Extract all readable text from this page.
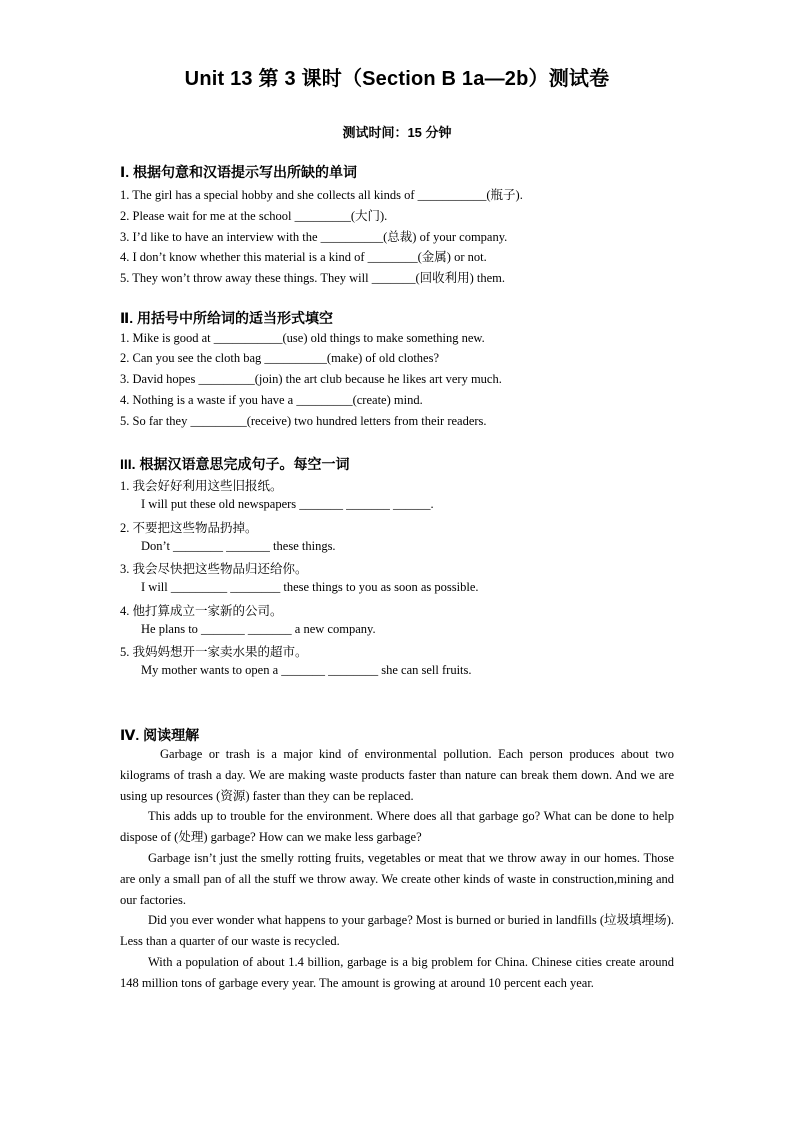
Unit 13 第 3 课时（Section B 1a—2b）测试卷
测试时间：15 分钟
Ⅰ. 根据句意和汉语提示写出所缺的单词
1. The girl has a special hobby and she collects all kinds of ___________(瓶子).
2. Please wait for me at the school _________(大门).
3. I’d like to have an interview with the __________(总裁) of your company.
4. I don’t know whether this material is a kind of ________(金属) or not.
5. They won’t throw away these things. They will _______(回收利用) them.
Ⅱ. 用括号中所给词的适当形式填空
1. Mike is good at ___________(use) old things to make something new.
2. Can you see the cloth bag __________(make) of old clothes?
3. David hopes _________(join) the art club because he likes art very much.
4. Nothing is a waste if you have a _________(create) mind.
5. So far they _________(receive) two hundred letters from their readers.
III. 根据汉语意思完成句子。每空一词
1. 我会好好利用这些旧报纸。
I will put these old newspapers _______ _______ ______.
2. 不要把这些物品扔掉。
Don’t ________ _______ these things.
3. 我会尽快把这些物品归还给你。
I will _________ ________ these things to you as soon as possible.
4. 他打算成立一家新的公司。
He plans to _______ _______ a new company.
5. 我妈妈想开一家卖水果的超市。
My mother wants to open a _______ ________ she can sell fruits.
Ⅳ. 阅读理解
Garbage or trash is a major kind of environmental pollution. Each person produces about two kilograms of trash a day. We are making waste products faster than nature can break them down. And we are using up resources (资源) faster than they can be replaced.
This adds up to trouble for the environment. Where does all that garbage go? What can be done to help dispose of (处理) garbage? How can we make less garbage?
Garbage isn’t just the smelly rotting fruits, vegetables or meat that we throw away in our homes. Those are only a small pan of all the stuff we throw away. We create other kinds of waste in construction,mining and our factories.
Did you ever wonder what happens to your garbage? Most is burned or buried in landfills (垃圾填埋场). Less than a quarter of our waste is recycled.
With a population of about 1.4 billion, garbage is a big problem for China. Chinese cities create around 148 million tons of garbage every year. The amount is growing at around 10 percent each year.
